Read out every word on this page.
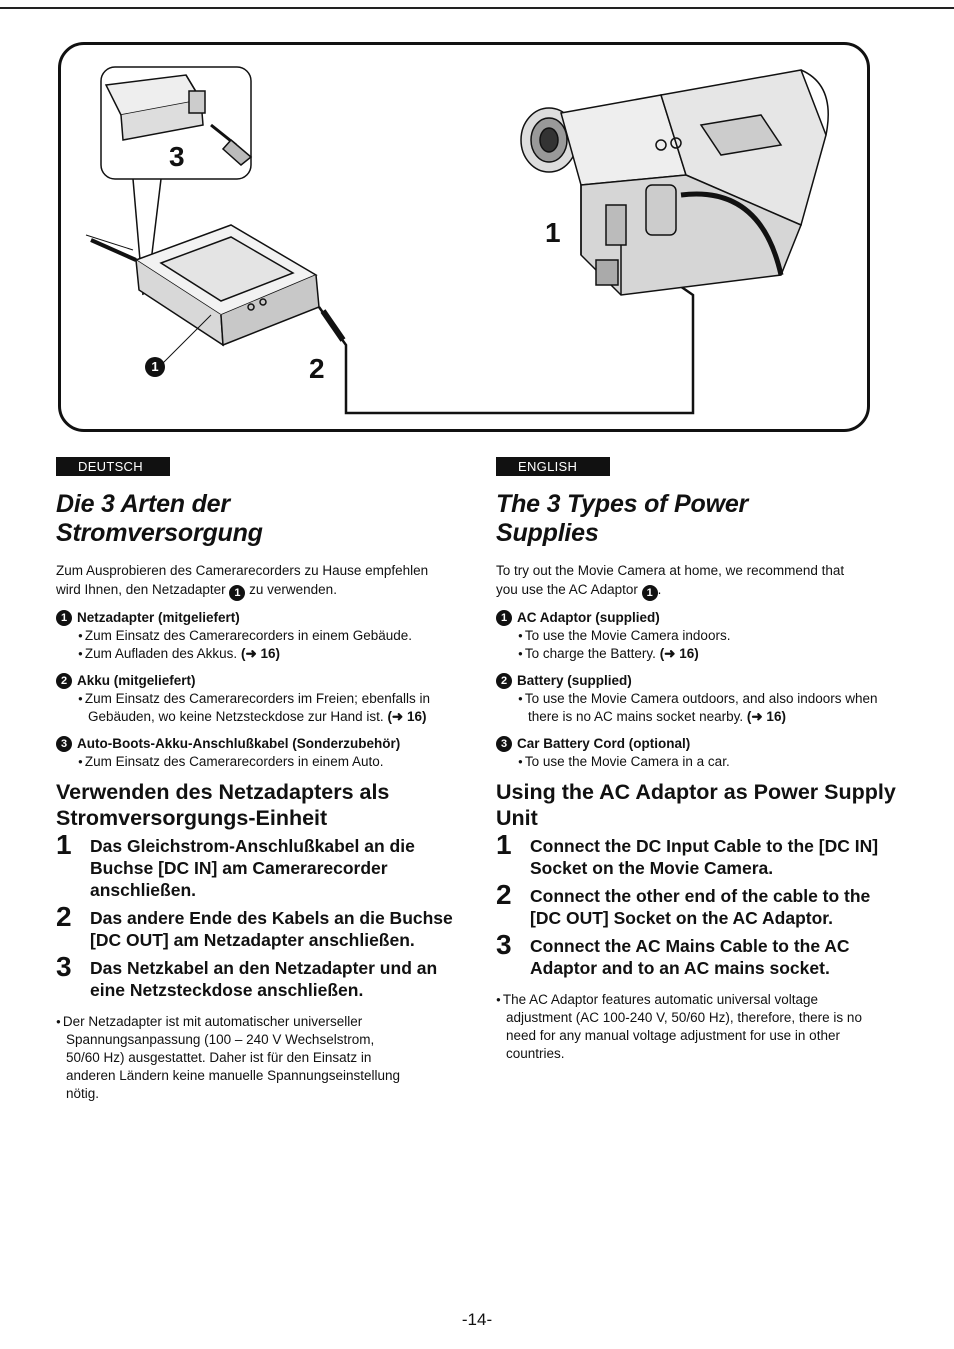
3
1
2
1
DEUTSCH
Die 3 Arten der
Stromversorgung

Zum Ausprobieren des Camerarecorders zu Hause empfehlen wird Ihnen, den Netzadapter 1 zu verwenden.

1 Netzadapter (mitgeliefert)
● Zum Einsatz des Camerarecorders in einem Gebäude.
● Zum Aufladen des Akkus. (➜ 16)
2 Akku (mitgeliefert)
● Zum Einsatz des Camerarecorders im Freien; ebenfalls in Gebäuden, wo keine Netzsteckdose zur Hand ist. (➜ 16)
3 Auto-Boots-Akku-Anschlußkabel (Sonderzubehör)
● Zum Einsatz des Camerarecorders in einem Auto.
Verwenden des Netzadapters als Stromversorgungs-Einheit
1	Das Gleichstrom-Anschlußkabel an die Buchse [DC IN] am Camerarecorder anschließen.
2	Das andere Ende des Kabels an die Buchse [DC OUT] am Netzadapter anschließen.
3	Das Netzkabel an den Netzadapter und an eine Netzsteckdose anschließen.
● Der Netzadapter ist mit automatischer universeller Spannungsanpassung (100 – 240 V Wechselstrom, 50/60 Hz) ausgestattet. Daher ist für den Einsatz in anderen Ländern keine manuelle Spannungseinstellung nötig.
ENGLISH
The 3 Types of Power
Supplies

To try out the Movie Camera at home, we recommend that you use the AC Adaptor 1 .

1 AC Adaptor (supplied)
● To use the Movie Camera indoors.
● To charge the Battery. (➜ 16)
2 Battery (supplied)
● To use the Movie Camera outdoors, and also indoors when there is no AC mains socket nearby. (➜ 16)
3 Car Battery Cord (optional)
● To use the Movie Camera in a car.
Using the AC Adaptor as Power Supply Unit
1	Connect the DC Input Cable to the [DC IN] Socket on the Movie Camera.
2	Connect the other end of the cable to the [DC OUT] Socket on the AC Adaptor.
3	Connect the AC Mains Cable to the AC Adaptor and to an AC mains socket.
● The AC Adaptor features automatic universal voltage adjustment (AC 100-240 V, 50/60 Hz), therefore, there is no need for any manual voltage adjustment for use in other countries.
-14-
